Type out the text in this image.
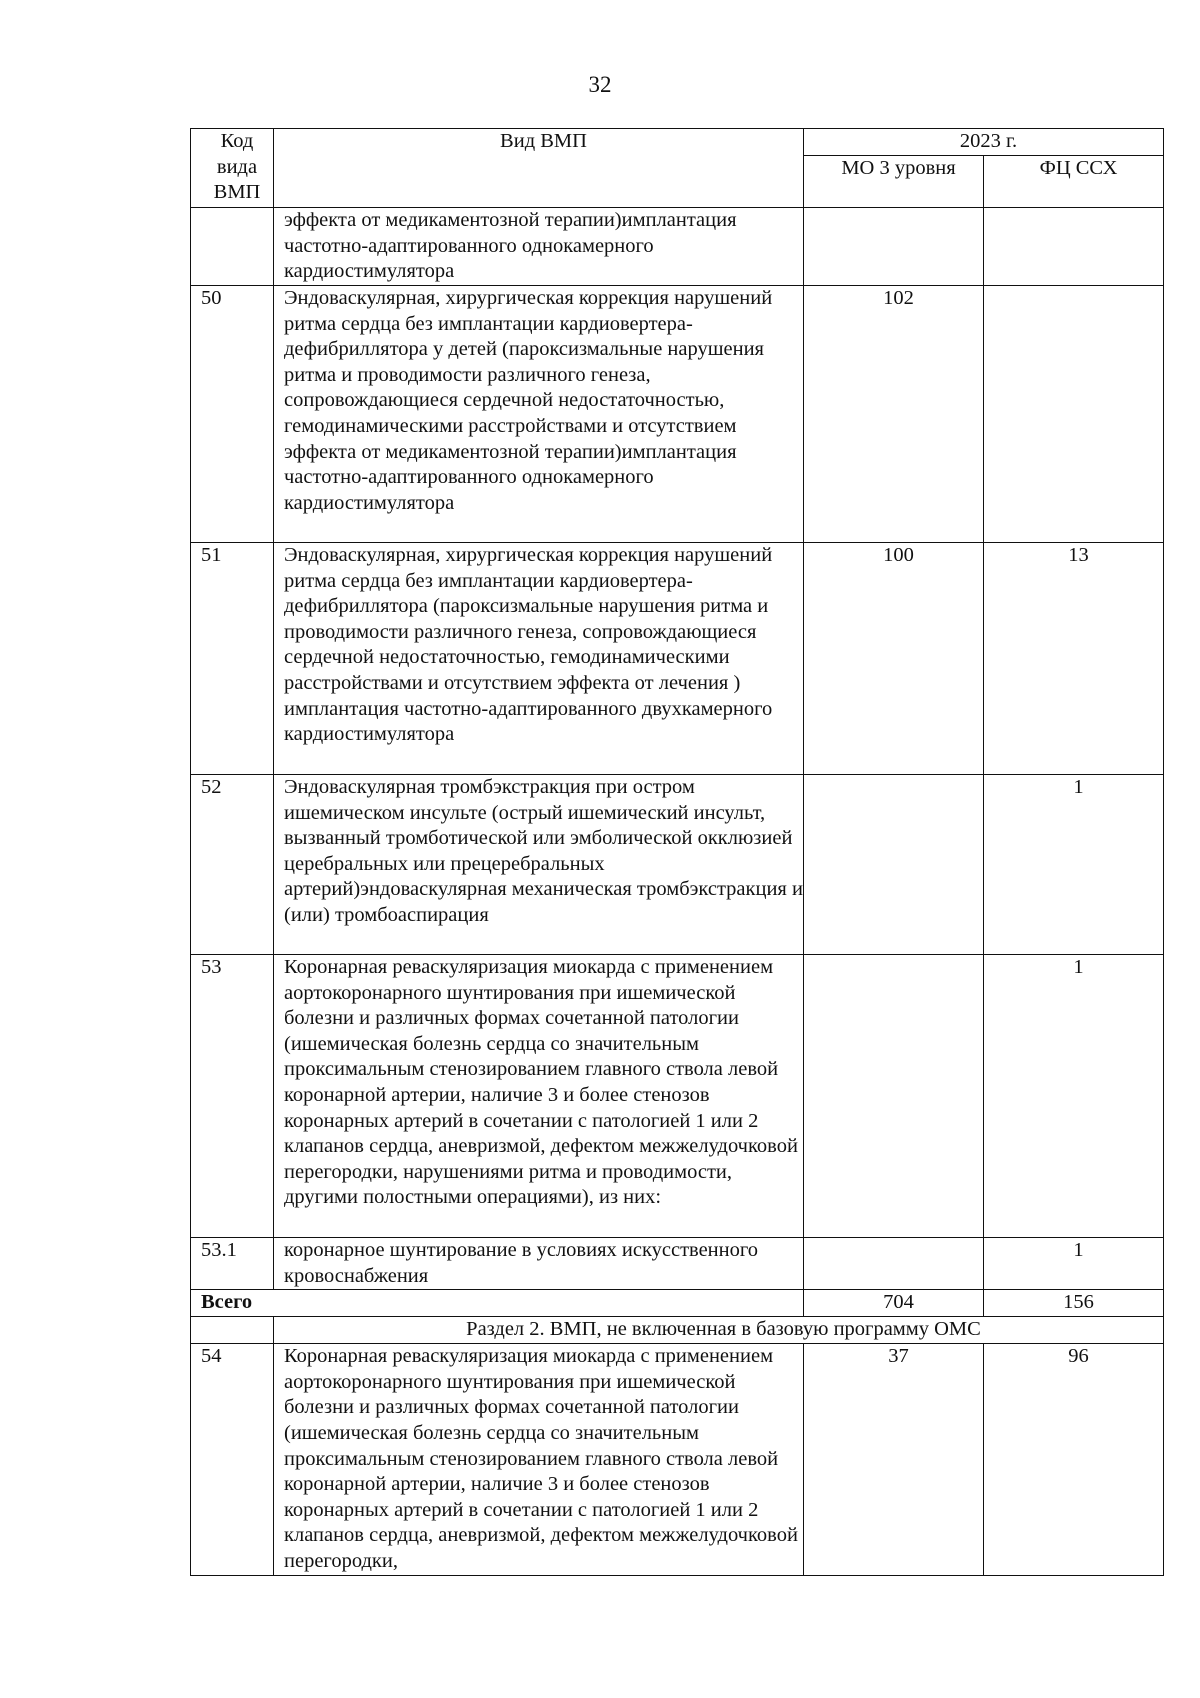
32
Код вида ВМП	Вид ВМП	2023 г.	
		МО 3 уровня	ФЦ ССХ
	эффекта от медикаментозной терапии)имплантация частотно-адаптированного однокамерного кардиостимулятора		
50	Эндоваскулярная, хирургическая коррекция нарушений ритма сердца без имплантации кардиовертера-дефибриллятора у детей (пароксизмальные нарушения ритма и проводимости различного генеза, сопровождающиеся сердечной недостаточностью, гемодинамическими расстройствами и отсутствием эффекта от медикаментозной терапии)имплантация частотно-адаптированного однокамерного кардиостимулятора	102	
51	Эндоваскулярная, хирургическая коррекция нарушений ритма сердца без имплантации кардиовертера-дефибриллятора (пароксизмальные нарушения ритма и проводимости различного генеза, сопровождающиеся сердечной недостаточностью, гемодинамическими расстройствами и отсутствием эффекта от лечения ) имплантация частотно-адаптированного двухкамерного кардиостимулятора	100	13
52	Эндоваскулярная тромбэкстракция при остром ишемическом инсульте (острый ишемический инсульт, вызванный тромботической или эмболической окклюзией церебральных или прецеребральных артерий)эндоваскулярная механическая тромбэкстракция и (или) тромбоаспирация		1
53	Коронарная реваскуляризация миокарда с применением аортокоронарного шунтирования при ишемической болезни и различных формах сочетанной патологии (ишемическая болезнь сердца со значительным проксимальным стенозированием главного ствола левой коронарной артерии, наличие 3 и более стенозов коронарных артерий в сочетании с патологией 1 или 2 клапанов сердца, аневризмой, дефектом межжелудочковой перегородки, нарушениями ритма и проводимости, другими полостными операциями), из них:		1
53.1	коронарное шунтирование в условиях искусственного кровоснабжения		1
Всего		704	156
	Раздел 2. ВМП, не включенная в базовую программу ОМС		
54	Коронарная реваскуляризация миокарда с применением аортокоронарного шунтирования при ишемической болезни и различных формах сочетанной патологии (ишемическая болезнь сердца со значительным проксимальным стенозированием главного ствола левой коронарной артерии, наличие 3 и более стенозов коронарных артерий в сочетании с патологией 1 или 2 клапанов сердца, аневризмой, дефектом межжелудочковой перегородки,	37	96
